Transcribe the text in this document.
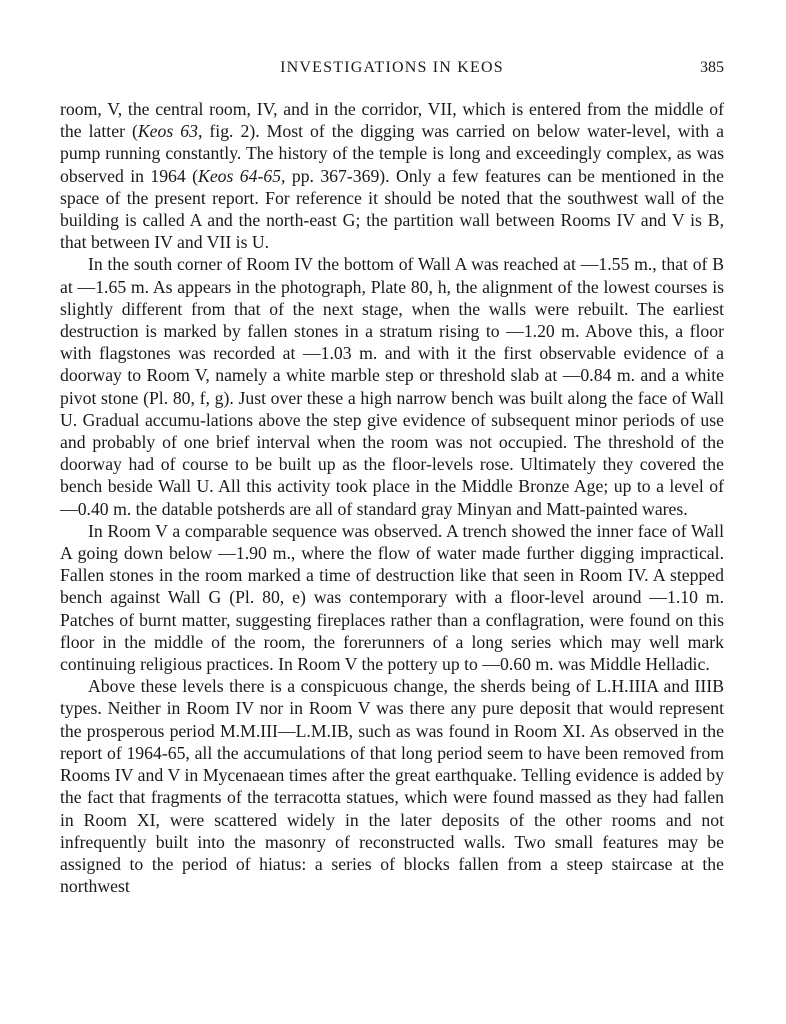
INVESTIGATIONS IN KEOS	385

room, V, the central room, IV, and in the corridor, VII, which is entered from the middle of the latter (Keos 63, fig. 2). Most of the digging was carried on below water-level, with a pump running constantly. The history of the temple is long and exceedingly complex, as was observed in 1964 (Keos 64-65, pp. 367-369). Only a few features can be mentioned in the space of the present report. For reference it should be noted that the southwest wall of the building is called A and the north-east G; the partition wall between Rooms IV and V is B, that between IV and VII is U.

In the south corner of Room IV the bottom of Wall A was reached at —1.55 m., that of B at —1.65 m. As appears in the photograph, Plate 80, h, the alignment of the lowest courses is slightly different from that of the next stage, when the walls were rebuilt. The earliest destruction is marked by fallen stones in a stratum rising to —1.20 m. Above this, a floor with flagstones was recorded at —1.03 m. and with it the first observable evidence of a doorway to Room V, namely a white marble step or threshold slab at —0.84 m. and a white pivot stone (Pl. 80, f, g). Just over these a high narrow bench was built along the face of Wall U. Gradual accumu-lations above the step give evidence of subsequent minor periods of use and probably of one brief interval when the room was not occupied. The threshold of the doorway had of course to be built up as the floor-levels rose. Ultimately they covered the bench beside Wall U. All this activity took place in the Middle Bronze Age; up to a level of —0.40 m. the datable potsherds are all of standard gray Minyan and Matt-painted wares.

In Room V a comparable sequence was observed. A trench showed the inner face of Wall A going down below —1.90 m., where the flow of water made further digging impractical. Fallen stones in the room marked a time of destruction like that seen in Room IV. A stepped bench against Wall G (Pl. 80, e) was contemporary with a floor-level around —1.10 m. Patches of burnt matter, suggesting fireplaces rather than a conflagration, were found on this floor in the middle of the room, the forerunners of a long series which may well mark continuing religious practices. In Room V the pottery up to —0.60 m. was Middle Helladic.

Above these levels there is a conspicuous change, the sherds being of L.H.IIIA and IIIB types. Neither in Room IV nor in Room V was there any pure deposit that would represent the prosperous period M.M.III—L.M.IB, such as was found in Room XI. As observed in the report of 1964-65, all the accumulations of that long period seem to have been removed from Rooms IV and V in Mycenaean times after the great earthquake. Telling evidence is added by the fact that fragments of the terracotta statues, which were found massed as they had fallen in Room XI, were scattered widely in the later deposits of the other rooms and not infrequently built into the masonry of reconstructed walls. Two small features may be assigned to the period of hiatus: a series of blocks fallen from a steep staircase at the northwest
